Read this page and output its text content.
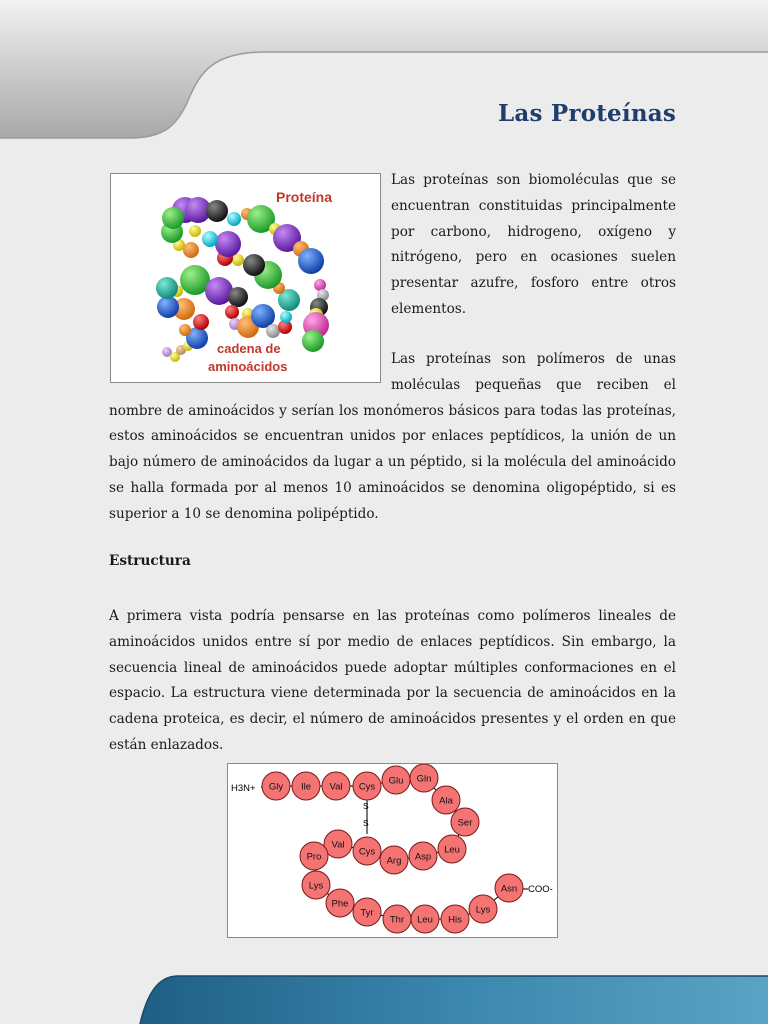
Las Proteínas
Proteína
cadena de
aminoácidos

Las proteínas son biomoléculas que se encuentran constituidas principalmente por carbono, hidrogeno, oxígeno y nitrógeno, pero en ocasiones suelen presentar azufre, fosforo entre otros elementos.

Las proteínas son polímeros de unas moléculas pequeñas que reciben el nombre de aminoácidos y serían los monómeros básicos para todas las proteínas, estos aminoácidos se encuentran unidos por enlaces peptídicos, la unión de un bajo número de aminoácidos da lugar a un péptido, si la molécula del aminoácido se halla formada por al menos 10 aminoácidos se denomina oligopéptido, si es superior a 10 se denomina polipéptido.

Estructura

A primera vista podría pensarse en las proteínas como polímeros lineales de aminoácidos unidos entre sí por medio de enlaces peptídicos. Sin embargo, la secuencia lineal de aminoácidos puede adoptar múltiples conformaciones en el espacio. La estructura viene determinada por la secuencia de aminoácidos en la cadena proteica, es decir, el número de aminoácidos presentes y el orden en que están enlazados.

H3N+
S
S
COO-
Gly Ile Val Cys
Glu Gln
Ala
Ser
Leu
Asp
Arg
Cys
Val
Pro
Lys
Phe
Tyr
Thr Leu His
Lys
Asn
